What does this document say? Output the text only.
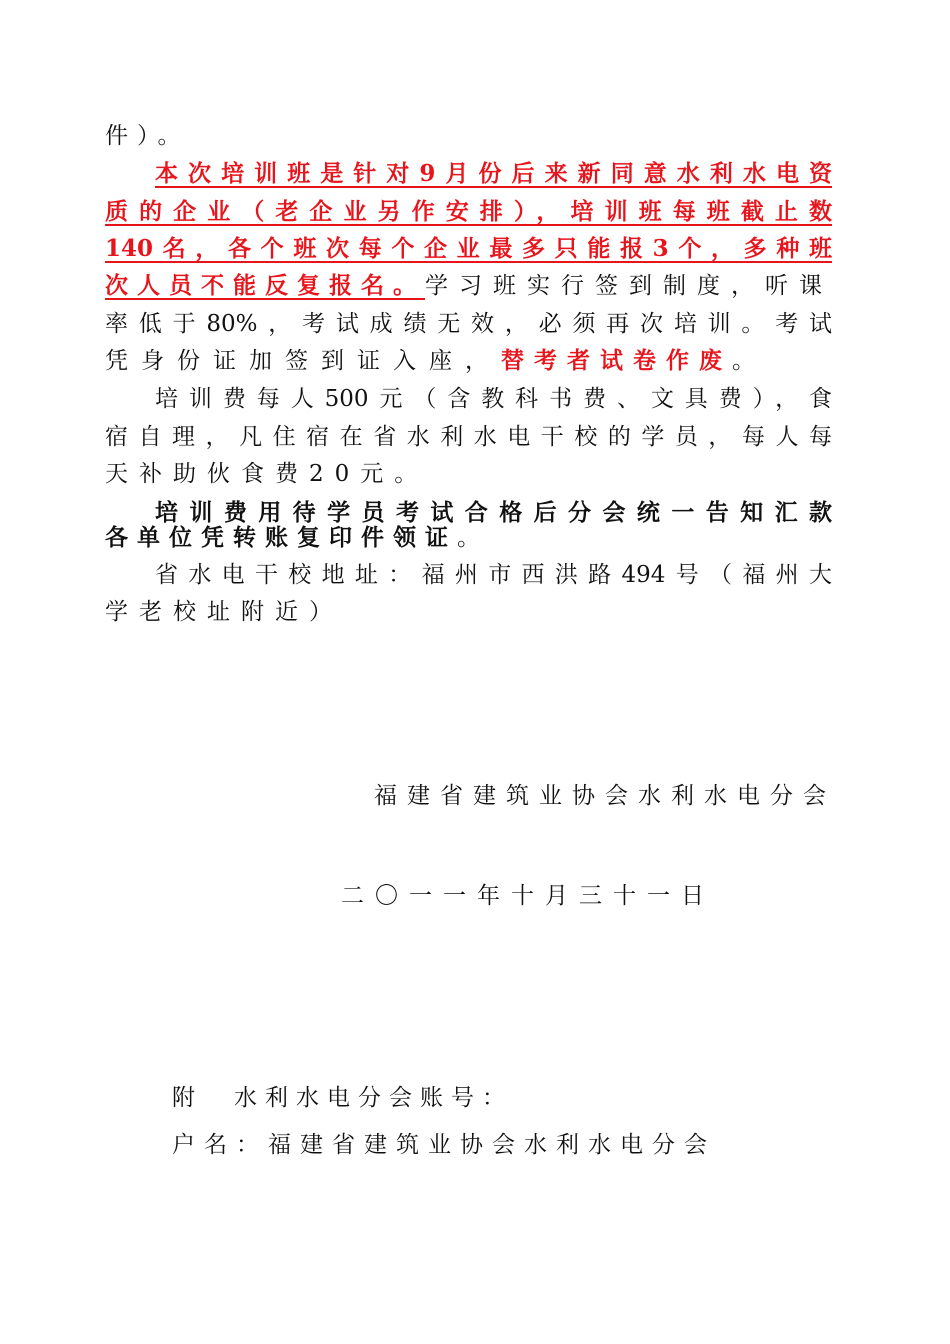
件）。
本次培训班是针对9月份后来新同意水利水电资
质的企业（老企业另作安排），培训班每班截止数
140名，各个班次每个企业最多只能报3个，多种班
次人员不能反复报名。学习班实行签到制度，听课
率低于80%，考试成绩无效，必须再次培训。考试
凭身份证加签到证入座，替考者试卷作废。
培训费每人500元（含教科书费、文具费），食
宿自理，凡住宿在省水利水电干校的学员，每人每
天补助伙食费20元。
培训费用待学员考试合格后分会统一告知汇款
各单位凭转账复印件领证。
省水电干校地址：福州市西洪路494号（福州大
学老校址附近）
福建省建筑业协会水利水电分会
二〇一一年十月三十一日
附　水利水电分会账号：
户名：福建省建筑业协会水利水电分会
